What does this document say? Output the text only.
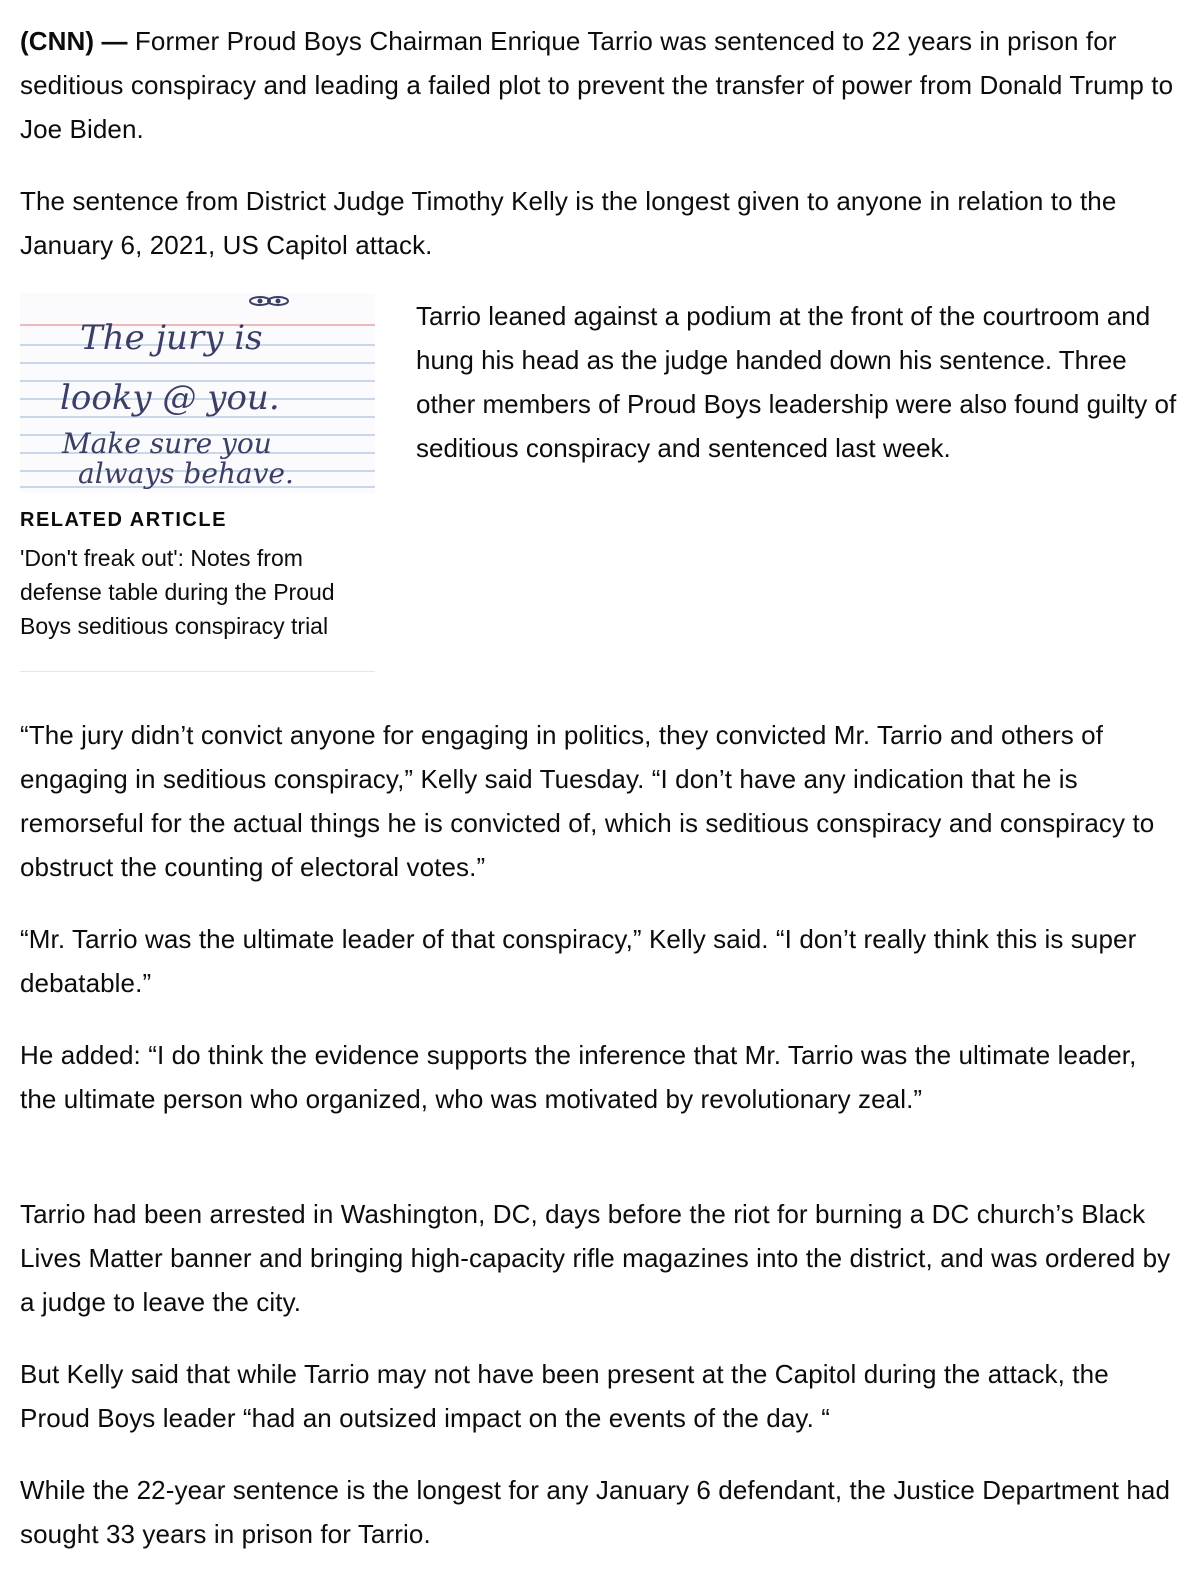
(CNN) — Former Proud Boys Chairman Enrique Tarrio was sentenced to 22 years in prison for seditious conspiracy and leading a failed plot to prevent the transfer of power from Donald Trump to Joe Biden.

The sentence from District Judge Timothy Kelly is the longest given to anyone in relation to the January 6, 2021, US Capitol attack.

The jury is
looky @ you.
Make sure you
always behave.
RELATED ARTICLE
'Don't freak out': Notes from defense table during the Proud Boys seditious conspiracy trial

Tarrio leaned against a podium at the front of the courtroom and hung his head as the judge handed down his sentence. Three other members of Proud Boys leadership were also found guilty of seditious conspiracy and sentenced last week.

“The jury didn’t convict anyone for engaging in politics, they convicted Mr. Tarrio and others of engaging in seditious conspiracy,” Kelly said Tuesday. “I don’t have any indication that he is remorseful for the actual things he is convicted of, which is seditious conspiracy and conspiracy to obstruct the counting of electoral votes.”

“Mr. Tarrio was the ultimate leader of that conspiracy,” Kelly said. “I don’t really think this is super debatable.”

He added: “I do think the evidence supports the inference that Mr. Tarrio was the ultimate leader, the ultimate person who organized, who was motivated by revolutionary zeal.”

Tarrio had been arrested in Washington, DC, days before the riot for burning a DC church’s Black Lives Matter banner and bringing high-capacity rifle magazines into the district, and was ordered by a judge to leave the city.

But Kelly said that while Tarrio may not have been present at the Capitol during the attack, the Proud Boys leader “had an outsized impact on the events of the day. “

While the 22-year sentence is the longest for any January 6 defendant, the Justice Department had sought 33 years in prison for Tarrio.
